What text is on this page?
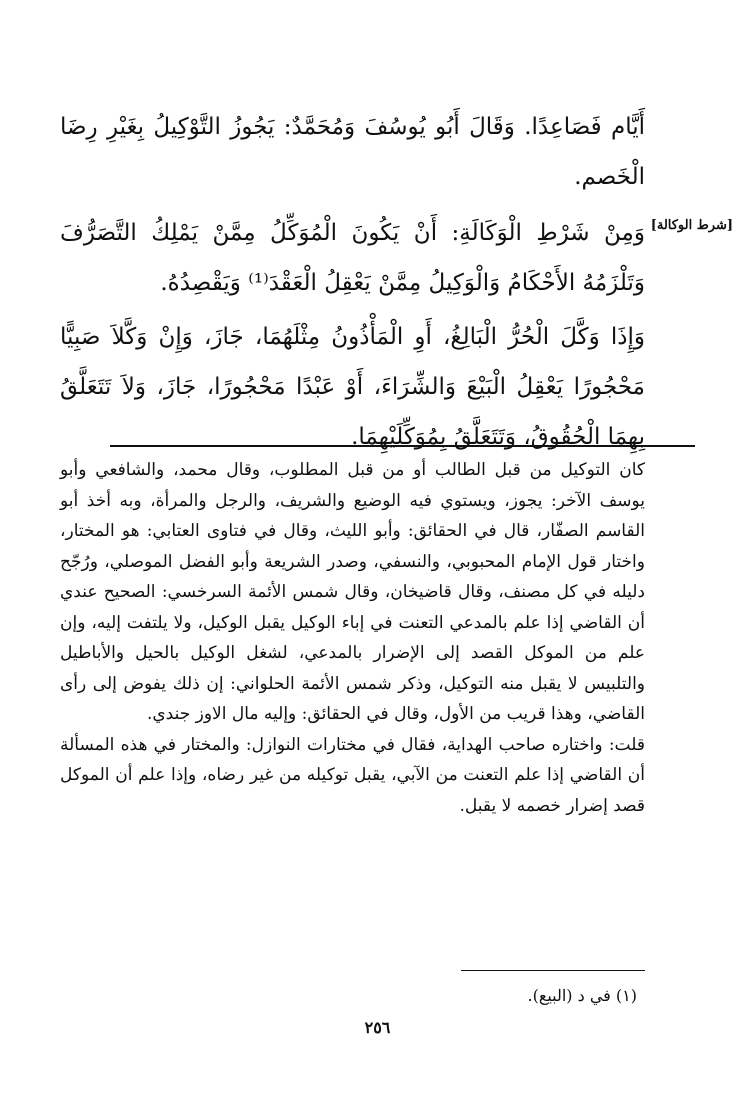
أَيَّام فَصَاعِدًا. وَقَالَ أَبُو يُوسُفَ وَمُحَمَّدٌ: يَجُوزُ التَّوْكِيلُ بِغَيْرِ رِضَا الْخَصم.

[شرط الوكالة]

وَمِنْ شَرْطِ الْوَكَالَةِ: أَنْ يَكُونَ الْمُوَكِّلُ مِمَّنْ يَمْلِكُ التَّصَرُّفَ وَتَلْزَمُهُ الأَحْكَامُ وَالْوَكِيلُ مِمَّنْ يَعْقِلُ الْعَقْدَ⁽¹⁾ وَيَقْصِدُهُ.

وَإِذَا وَكَّلَ الْحُرُّ الْبَالِغُ، أَوِ الْمَأْذُونُ مِثْلَهُمَا، جَازَ، وَإِنْ وَكَّلاَ صَبِيًّا مَحْجُورًا يَعْقِلُ الْبَيْعَ وَالشِّرَاءَ، أَوْ عَبْدًا مَحْجُورًا، جَازَ، وَلاَ تَتَعَلَّقُ بِهِمَا الْحُقُوقُ، وَتَتَعَلَّقُ بِمُوَكِّلَيْهِمَا.

كان التوكيل من قبل الطالب أو من قبل المطلوب، وقال محمد، والشافعي وأبو يوسف الآخر: يجوز، ويستوي فيه الوضيع والشريف، والرجل والمرأة، وبه أخذ أبو القاسم الصفّار، قال في الحقائق: وأبو الليث، وقال في فتاوى العتابي: هو المختار، واختار قول الإمام المحبوبي، والنسفي، وصدر الشريعة وأبو الفضل الموصلي، ورُجّح دليله في كل مصنف، وقال قاضيخان، وقال شمس الأئمة السرخسي: الصحيح عندي أن القاضي إذا علم بالمدعي التعنت في إباء الوكيل يقبل الوكيل، ولا يلتفت إليه، وإن علم من الموكل القصد إلى الإضرار بالمدعي، لشغل الوكيل بالحيل والأباطيل والتلبيس لا يقبل منه التوكيل، وذكر شمس الأئمة الحلواني: إن ذلك يفوض إلى رأى القاضي، وهذا قريب من الأول، وقال في الحقائق: وإليه مال الاوز جندي.

قلت: واختاره صاحب الهداية، فقال في مختارات النوازل: والمختار في هذه المسألة أن القاضي إذا علم التعنت من الآبي، يقبل توكيله من غير رضاه، وإذا علم أن الموكل قصد إضرار خصمه لا يقبل.

(١) في د (البيع).
٢٥٦
